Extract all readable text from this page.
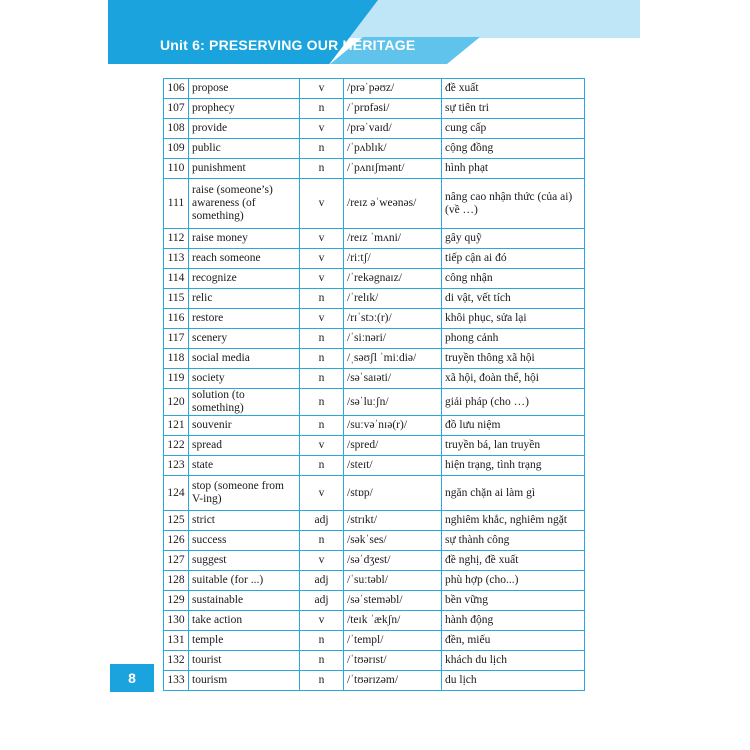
Unit 6: PRESERVING OUR HERITAGE
106	propose	v	/prəˈpəʊz/	đề xuất
107	prophecy	n	/ˈprɒfəsi/	sự tiên tri
108	provide	v	/prəˈvaɪd/	cung cấp
109	public	n	/ˈpʌblɪk/	cộng đồng
110	punishment	n	/ˈpʌnɪʃmənt/	hình phạt
111	raise (someone’s) awareness (of something)	v	/reɪz əˈweənəs/	nâng cao nhận thức (của ai) (về …)
112	raise money	v	/reɪz ˈmʌni/	gây quỹ
113	reach someone	v	/riːtʃ/	tiếp cận ai đó
114	recognize	v	/ˈrekəgnaɪz/	công nhận
115	relic	n	/ˈrelɪk/	di vật, vết tích
116	restore	v	/rɪˈstɔː(r)/	khôi phục, sửa lại
117	scenery	n	/ˈsiːnəri/	phong cảnh
118	social media	n	/ˌsəʊʃl ˈmiːdiə/	truyền thông xã hội
119	society	n	/səˈsaɪəti/	xã hội, đoàn thể, hội
120	solution (to something)	n	/səˈluːʃn/	giải pháp (cho …)
121	souvenir	n	/suːvəˈnɪə(r)/	đồ lưu niệm
122	spread	v	/spred/	truyền bá, lan truyền
123	state	n	/steɪt/	hiện trạng, tình trạng
124	stop (someone from V-ing)	v	/stɒp/	ngăn chặn ai làm gì
125	strict	adj	/strɪkt/	nghiêm khắc, nghiêm ngặt
126	success	n	/səkˈses/	sự thành công
127	suggest	v	/səˈdʒest/	đề nghị, đề xuất
128	suitable (for ...)	adj	/ˈsuːtəbl/	phù hợp (cho...)
129	sustainable	adj	/səˈsteməbl/	bền vững
130	take action	v	/teɪk ˈækʃn/	hành động
131	temple	n	/ˈtempl/	đền, miếu
132	tourist	n	/ˈtʊərɪst/	khách du lịch
133	tourism	n	/ˈtʊərɪzəm/	du lịch
8
